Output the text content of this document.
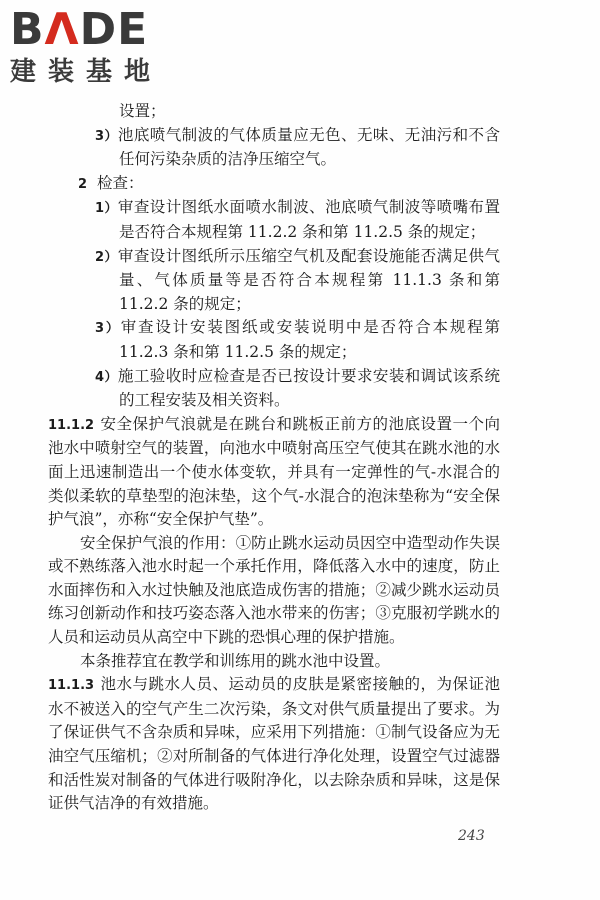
BΛDE
建装基地

设置；

3）池底喷气制波的气体质量应无色、无味、无油污和不含任何污染杂质的洁净压缩空气。

2 检查：

1）审查设计图纸水面喷水制波、池底喷气制波等喷嘴布置是否符合本规程第 11.2.2 条和第 11.2.5 条的规定；

2）审查设计图纸所示压缩空气机及配套设施能否满足供气量、气体质量等是否符合本规程第 11.1.3 条和第 11.2.2 条的规定；

3）审查设计安装图纸或安装说明中是否符合本规程第 11.2.3 条和第 11.2.5 条的规定；

4）施工验收时应检查是否已按设计要求安装和调试该系统的工程安装及相关资料。

11.1.2 安全保护气浪就是在跳台和跳板正前方的池底设置一个向池水中喷射空气的装置，向池水中喷射高压空气使其在跳水池的水面上迅速制造出一个使水体变软，并具有一定弹性的气-水混合的类似柔软的草垫型的泡沫垫，这个气-水混合的泡沫垫称为“安全保护气浪”，亦称“安全保护气垫”。

安全保护气浪的作用：①防止跳水运动员因空中造型动作失误或不熟练落入池水时起一个承托作用，降低落入水中的速度，防止水面摔伤和入水过快触及池底造成伤害的措施；②减少跳水运动员练习创新动作和技巧姿态落入池水带来的伤害；③克服初学跳水的人员和运动员从高空中下跳的恐惧心理的保护措施。

本条推荐宜在教学和训练用的跳水池中设置。

11.1.3 池水与跳水人员、运动员的皮肤是紧密接触的，为保证池水不被送入的空气产生二次污染，条文对供气质量提出了要求。为了保证供气不含杂质和异味，应采用下列措施：①制气设备应为无油空气压缩机；②对所制备的气体进行净化处理，设置空气过滤器和活性炭对制备的气体进行吸附净化，以去除杂质和异味，这是保证供气洁净的有效措施。

243
